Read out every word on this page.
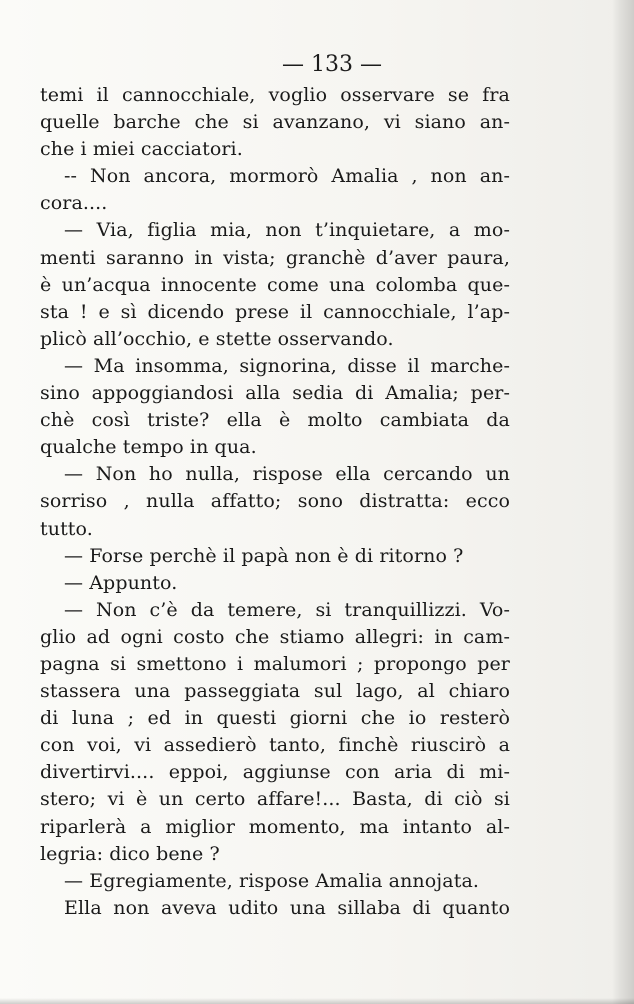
— 133 —
temi il cannocchiale, voglio osservare se fra
quelle barche che si avanzano, vi siano an-
che i miei cacciatori.
-- Non ancora, mormorò Amalia , non an-
cora....
— Via, figlia mia, non t’inquietare, a mo-
menti saranno in vista; granchè d’aver paura,
è un’acqua innocente come una colomba que-
sta ! e sì dicendo prese il cannocchiale, l’ap-
plicò all’occhio, e stette osservando.
— Ma insomma, signorina, disse il marche-
sino appoggiandosi alla sedia di Amalia; per-
chè così triste? ella è molto cambiata da
qualche tempo in qua.
— Non ho nulla, rispose ella cercando un
sorriso , nulla affatto; sono distratta: ecco
tutto.
— Forse perchè il papà non è di ritorno ?
— Appunto.
— Non c’è da temere, si tranquillizzi. Vo-
glio ad ogni costo che stiamo allegri: in cam-
pagna si smettono i malumori ; propongo per
stassera una passeggiata sul lago, al chiaro
di luna ; ed in questi giorni che io resterò
con voi, vi assedierò tanto, finchè riuscirò a
divertirvi.... eppoi, aggiunse con aria di mi-
stero; vi è un certo affare!... Basta, di ciò si
riparlerà a miglior momento, ma intanto al-
legria: dico bene ?
— Egregiamente, rispose Amalia annojata.
Ella non aveva udito una sillaba di quanto
